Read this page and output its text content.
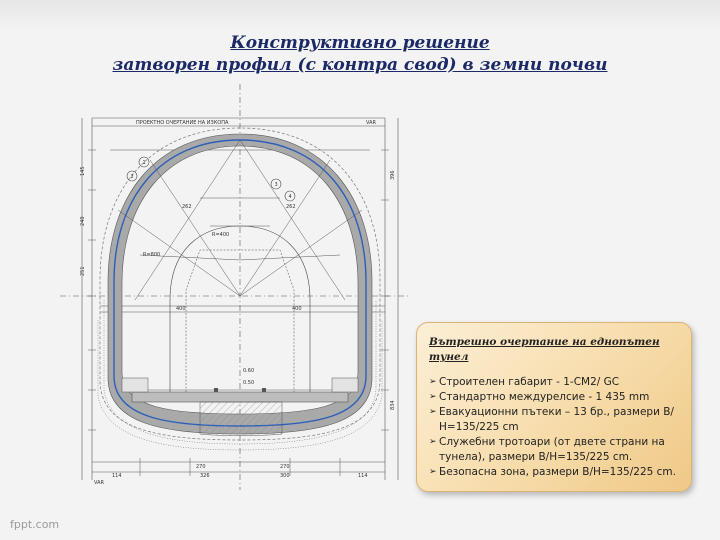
Конструктивно решение
затворен профил (с контра свод) в земни почви
1
2
3
4
ПРОЕКТНО ОЧЕРТАНИЕ НА ИЗКОПА
R=800
R=400
262	262
400	400
270	270
326	300
114	114
0.60
0.50
145
240
251
396
834
VAR
VAR
Вътрешно очертание на еднопътен тунел
➢ Строителен габарит - 1-СМ2/ GC
➢ Стандартно междурелсие - 1 435 mm
➢ Евакуационни пътеки – 13 бр., размери В/Н=135/225 cm
➢ Служебни тротоари (от двете страни на тунела), размери В/Н=135/225 cm.
➢ Безопасна зона, размери В/Н=135/225 cm.
fppt.com
